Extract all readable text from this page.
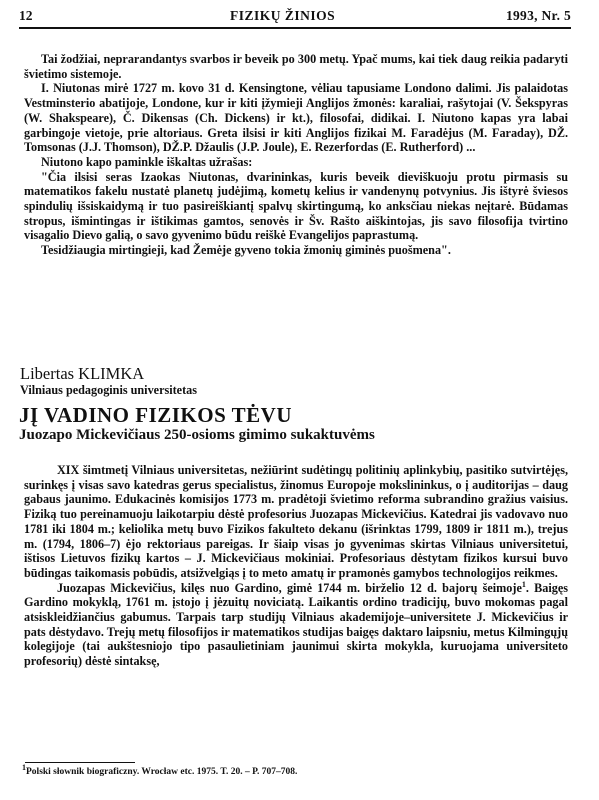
12	FIZIKŲ ŽINIOS	1993, Nr. 5

Tai žodžiai, neprarandantys svarbos ir beveik po 300 metų. Ypač mums, kai tiek daug reikia padaryti švietimo sistemoje.

I. Niutonas mirė 1727 m. kovo 31 d. Kensingtone, vėliau tapusiame Londono dalimi. Jis palaidotas Vestminsterio abatijoje, Londone, kur ir kiti įžymieji Anglijos žmonės: karaliai, rašytojai (V. Šekspyras (W. Shakspeare), Č. Dikensas (Ch. Dickens) ir kt.), filosofai, didikai. I. Niutono kapas yra labai garbingoje vietoje, prie altoriaus. Greta ilsisi ir kiti Anglijos fizikai M. Faradėjus (M. Faraday), DŽ. Tomsonas (J.J. Thomson), DŽ.P. Džaulis (J.P. Joule), E. Rezerfordas (E. Rutherford) ...

Niutono kapo paminkle iškaltas užrašas:

"Čia ilsisi seras Izaokas Niutonas, dvarininkas, kuris beveik dieviškuoju protu pirmasis su matematikos fakelu nustatė planetų judėjimą, kometų kelius ir vandenynų potvynius. Jis ištyrė šviesos spindulių išsiskaidymą ir tuo pasireiškiantį spalvų skirtingumą, ko anksčiau niekas neįtarė. Būdamas stropus, išmintingas ir ištikimas gamtos, senovės ir Šv. Rašto aiškintojas, jis savo filosofija tvirtino visagalio Dievo galią, o savo gyvenimo būdu reiškė Evangelijos paprastumą.

Tesidžiaugia mirtingieji, kad Žemėje gyveno tokia žmonių giminės puošmena".

Libertas KLIMKA
Vilniaus pedagoginis universitetas
JĮ VADINO FIZIKOS TĖVU
Juozapo Mickevičiaus 250-osioms gimimo sukaktuvėms

XIX šimtmetį Vilniaus universitetas, nežiūrint sudėtingų politinių aplinkybių, pasitiko sutvirtėjęs, surinkęs į visas savo katedras gerus specialistus, žinomus Europoje mokslininkus, o į auditorijas – daug gabaus jaunimo. Edukacinės komisijos 1773 m. pradėtoji švietimo reforma subrandino gražius vaisius. Fiziką tuo pereinamuoju laikotarpiu dėstė profesorius Juozapas Mickevičius. Katedrai jis vadovavo nuo 1781 iki 1804 m.; keliolika metų buvo Fizikos fakulteto dekanu (išrinktas 1799, 1809 ir 1811 m.), trejus m. (1794, 1806–7) ėjo rektoriaus pareigas. Ir šiaip visas jo gyvenimas skirtas Vilniaus universitetui, ištisos Lietuvos fizikų kartos – J. Mickevičiaus mokiniai. Profesoriaus dėstytam fizikos kursui buvo būdingas taikomasis pobūdis, atsižvelgiąs į to meto amatų ir pramonės gamybos technologijos reikmes.

Juozapas Mickevičius, kilęs nuo Gardino, gimė 1744 m. birželio 12 d. bajorų šeimoje$^1$. Baigęs Gardino mokyklą, 1761 m. įstojo į jėzuitų noviciatą. Laikantis ordino tradicijų, buvo mokomas pagal atsiskleidžiančius gabumus. Tarpais tarp studijų Vilniaus akademijoje–universitete J. Mickevičius ir pats dėstydavo. Trejų metų filosofijos ir matematikos studijas baigęs daktaro laipsniu, metus Kilmingųjų kolegijoje (tai aukštesniojo tipo pasaulietiniam jaunimui skirta mokykla, kuruojama universiteto profesorių) dėstė sintaksę,

$^1$Polski słownik biograficzny. Wrocław etc. 1975. T. 20. – P. 707–708.
